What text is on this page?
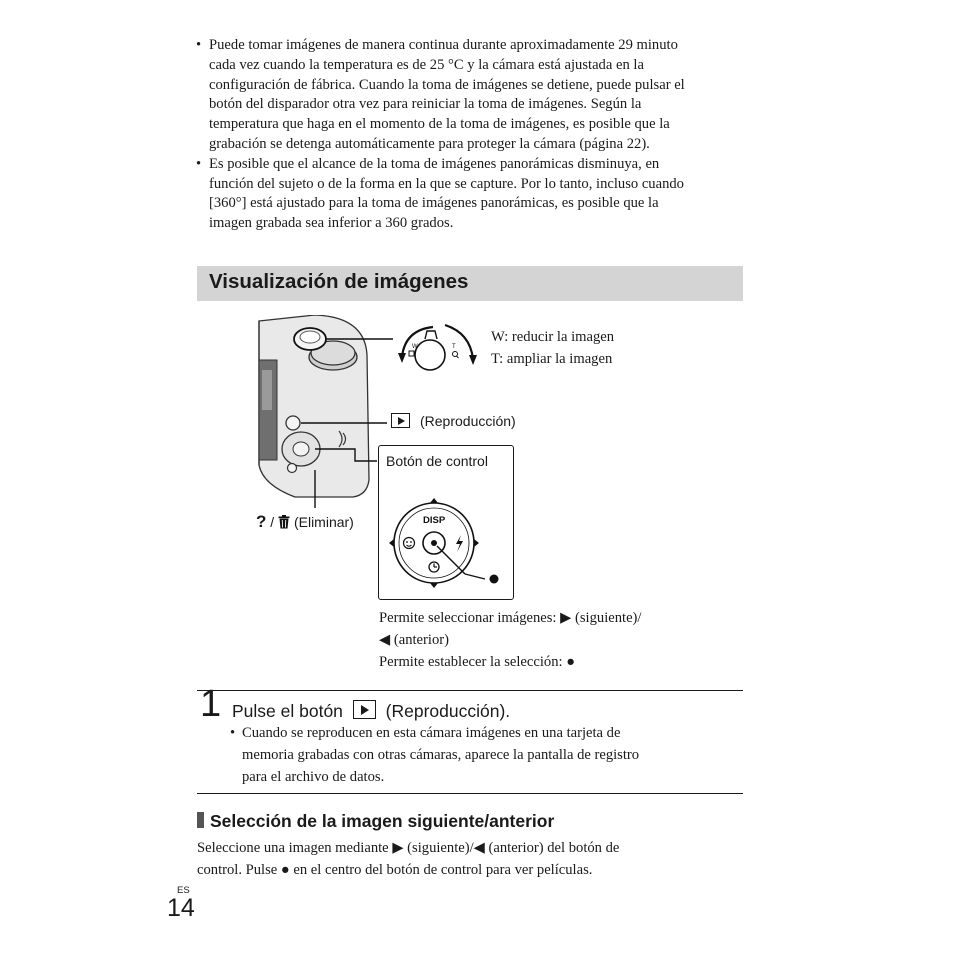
• Puede tomar imágenes de manera continua durante aproximadamente 29 minuto
cada vez cuando la temperatura es de 25 °C y la cámara está ajustada en la
configuración de fábrica. Cuando la toma de imágenes se detiene, puede pulsar el
botón del disparador otra vez para reiniciar la toma de imágenes. Según la
temperatura que haga en el momento de la toma de imágenes, es posible que la
grabación se detenga automáticamente para proteger la cámara (página 22).
• Es posible que el alcance de la toma de imágenes panorámicas disminuya, en
función del sujeto o de la forma en la que se capture. Por lo tanto, incluso cuando
[360°] está ajustado para la toma de imágenes panorámicas, es posible que la
imagen grabada sea inferior a 360 grados.
Visualización de imágenes
W	T
W: reducir la imagen
T: ampliar la imagen
(Reproducción)
Botón de control
DISP
? / (Eliminar)
Permite seleccionar imágenes: ▶ (siguiente)/
◀ (anterior)
Permite establecer la selección: ●
1 Pulse el botón (Reproducción).
• Cuando se reproducen en esta cámara imágenes en una tarjeta de
memoria grabadas con otras cámaras, aparece la pantalla de registro
para el archivo de datos.
Selección de la imagen siguiente/anterior
Seleccione una imagen mediante ▶ (siguiente)/◀ (anterior) del botón de
control. Pulse ● en el centro del botón de control para ver películas.
ES
14
